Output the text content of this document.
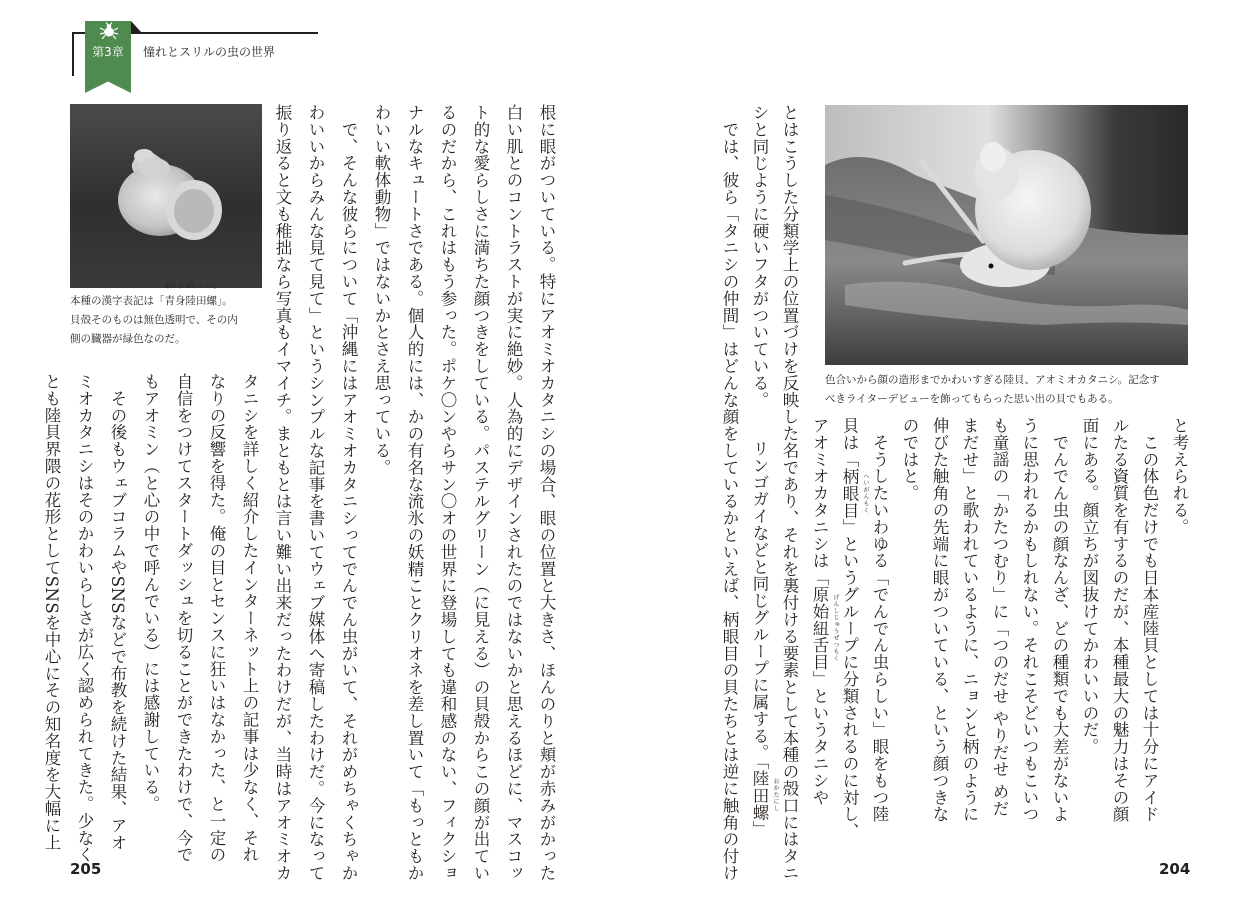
第3章	憧れとスリルの虫の世界
本種の漢字表記は「青
あお
身
み
陸
おか
田
た
螺
にし
」。
貝殻そのものは無色透明で、その内
側の臓器が緑色なのだ。	根に眼がついている。特にアオミオカタニシの場合、眼の位置と大きさ、ほんのりと頬が赤みがかった
白い肌とのコントラストが実に絶妙。人為的にデザインされたのではないかと思えるほどに、マスコッ
ト的な愛らしさに満ちた顔つきをしている。パステルグリーン（に見える）の貝殻からこの顔が出てい
るのだから、これはもう参った。ポケ〇ンやらサン〇オの世界に登場しても違和感のない、フィクショ
ナルなキュートさである。個人的には、かの有名な流氷の妖精ことクリオネを差し置いて「もっともか
わいい軟体動物」ではないかとさえ思っている。
　で、そんな彼らについて「沖縄にはアオミオカタニシってでんでん虫がいて、それがめちゃくちゃか
わいいからみんな見て見て」というシンプルな記事を書いてウェブ媒体へ寄稿したわけだ。今になって
振り返ると文も稚拙なら写真もイマイチ。まともとは言い難い出来だったわけだが、当時はアオミオカ
タニシを詳しく紹介したインターネット上の記事は少なく、それ
なりの反響を得た。俺の目とセンスに狂いはなかった、と一定の
自信をつけてスタートダッシュを切ることができたわけで、今で
もアオミン（と心の中で呼んでいる）には感謝している。
　その後もウェブコラムやSNSなどで布教を続けた結果、アオ
ミオカタニシはそのかわいらしさが広く認められてきた。少なく
とも陸貝界隈の花形としてSNSを中心にその知名度を大幅に上
205
色合いから顔の造形までかわいすぎる陸貝、アオミオカタニシ。記念す
べきライターデビューを飾ってもらった思い出の貝でもある。
と考えられる。
　この体色だけでも日本産陸貝としては十分にアイド
ルたる資質を有するのだが、本種最大の魅力はその顔
面にある。顔立ちが図抜けてかわいいのだ。
　でんでん虫の顔なんざ、どの種類でも大差がないよ
うに思われるかもしれない。それこそどいつもこいつ
も童謡の「かたつむり」に「つのだせ やりだせ めだ
まだせ」と歌われているように、ニョンと柄のように
伸びた触角の先端に眼がついている、という顔つきな
のではと。
　そうしたいわゆる「でんでん虫らしい」眼をもつ陸
貝は「柄眼目 へいがんもく
」というグループに分類されるのに対し、
アオミオカタニシは「原始紐舌目 げんしじゅうぜつもく
」というタニシや
とはこうした分類学上の位置づけを反映した名であり、それを裏付ける要素として本種の殻口にはタニ
シと同じように硬いフタがついている。
リンゴガイなどと同じグループに属する。「陸田螺 おかたにし
」
　では、彼ら「タニシの仲間」はどんな顔をしているかといえば、柄眼目の貝たちとは逆に触角の付け	204
